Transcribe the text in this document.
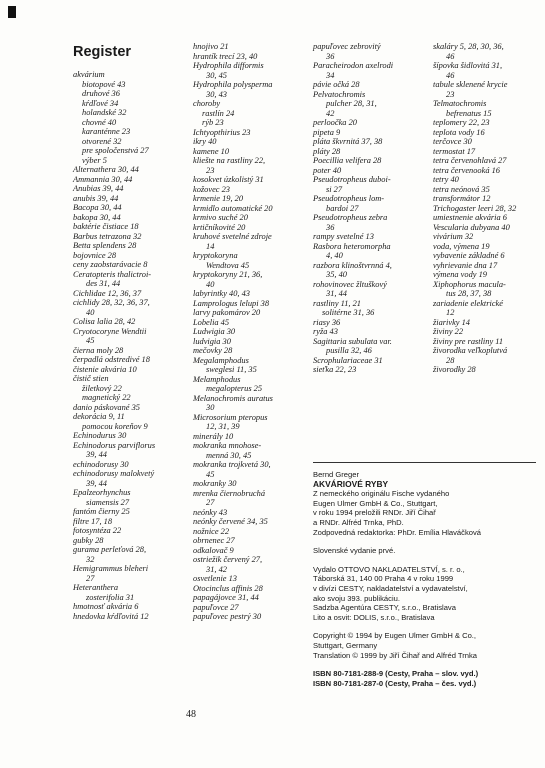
Register
akvárium
biotopové 43
druhové 36
kŕdľové 34
holandské 32
chovné 40
karanténne 23
otvorené 32
pre spoločenstvá 27
výber 5
Alternathera 30, 44
Ammannia 30, 44
Anubias 39, 44
anubis 39, 44
Bacopa 30, 44
bakopa 30, 44
baktérie čistiace 18
Barbus tetrazona 32
Betta splendens 28
bojovnice 28
ceny zaobstarávacie 8
Ceratopteris thalictroi-
des 31, 44
Cichlidae 12, 36, 37
cichlidy 28, 32, 36, 37,
40
Colisa lalia 28, 42
Cryotocoryne Wendtii
45
čierna moly 28
čerpadlá odstredivé 18
čistenie akvária 10
čistič stien
žiletkový 22
magnetický 22
danio páskované 35
dekorácia 9, 11
pomocou koreňov 9
Echinodurus 30
Echinodorus parviflorus
39, 44
echinodorusy 30
echinodorusy malokvetý
39, 44
Epalzeorhynchus
siamensis 27
fantóm čierny 25
filtre 17, 18
fotosyntéza 22
gubky 28
gurama perleťová 28,
32
Hemigrammus bleheri
27
Heteranthera
zosterifolia 31
hmotnosť akvária 6
hnedovka kŕdľovitá 12
hnojivo 21
hrantík trecí 23, 40
Hydrophila difformis
30, 45
Hydrophila polysperma
30, 43
choroby
rastlín 24
rýb 23
Ichtyopthirius 23
ikry 40
kamene 10
kliešte na rastliny 22,
23
kosokvet úzkolistý 31
kožovec 23
krmenie 19, 20
krmidlo automatické 20
krmivo suché 20
krtičníkovité 20
kruhové svetelné zdroje
14
kryptokoryna
Wendtova 45
kryptokoryny 21, 36,
40
labyrintky 40, 43
Lamprologus lelupi 38
larvy pakomárov 20
Lobelia 45
Ludwigia 30
ludvigia 30
mečovky 28
Megalamphodus
sweglesi 11, 35
Melamphodus
megalopterus 25
Melanochromis auratus
30
Microsorium pteropus
12, 31, 39
minerály 10
mokranka mnohose-
menná 30, 45
mokranka trojkvetá 30,
45
mokranky 30
mrenka čiernobruchá
27
neónky 43
neónky červené 34, 35
nožnice 22
obrnenec 27
odkalovač 9
ostriežik červený 27,
31, 42
osvetlenie 13
Otocinclus affinis 28
papagájovce 31, 44
papuľovce 27
papuľovec pestrý 30
papuľovec zebrovitý
36
Paracheirodon axelrodi
34
pávie očká 28
Pelvatochromis
pulcher 28, 31,
42
perloočka 20
pipeta 9
pláta škvrnitá 37, 38
pláty 28
Poecillia velifera 28
poter 40
Pseudotropheus duboi-
si 27
Pseudotropheus lom-
bardoi 27
Pseudotropheus zebra
36
rampy svetelné 13
Rasbora heteromorpha
4, 40
razbora klinoštvrnná 4,
35, 40
rohovinovec žltuškový
31, 44
rastliny 11, 21
solitérne 31, 36
riasy 36
ryža 43
Sagittaria subulata var.
pusilla 32, 46
Scrophulariaceae 31
sieťka 22, 23
skaláry 5, 28, 30, 36,
46
šípovka šidlovitá 31,
46
tabule sklenené krycie
23
Telmatochromis
befrenatus 15
teplomery 22, 23
teplota vody 16
terčovce 30
termostat 17
tetra červenohlavá 27
tetra červenooká 16
tetry 40
tetra neónová 35
transformátor 12
Trichogaster leeri 28, 32
umiestnenie akvária 6
Vescularia dubyana 40
vivárium 32
voda, výmena 19
vybavenie základné 6
vyhrievanie dna 17
výmena vody 19
Xiphophorus macula-
tus 28, 37, 38
zariadenie elektrické
12
žiarivky 14
živiny 22
živiny pre rastliny 11
živorodka veľkoplutvá
28
živorodky 28
Bernd Greger
AKVÁRIOVÉ RYBY
Z nemeckého originálu Fische vydaného
Eugen Ulmer GmbH & Co., Stuttgart,
v roku 1994 preložili RNDr. Jiří Čihař
a RNDr. Alfréd Trnka, PhD.
Zodpovedná redaktorka: PhDr. Emília Hlaváčková
Slovenské vydanie prvé.
Vydalo OTTOVO NAKLADATELSTVÍ, s. r. o.,
Táborská 31, 140 00 Praha 4 v roku 1999
v divízi CESTY, nakladatelství a vydavatelství,
ako svoju 393. publikáciu.
Sadzba Agentúra CESTY, s.r.o., Bratislava
Lito a osvit: DOLIS, s.r.o., Bratislava
Copyright © 1994 by Eugen Ulmer GmbH & Co.,
Stuttgart, Germany
Translation © 1999 by Jiří Čihař and Alfréd Trnka
ISBN 80-7181-288-9 (Cesty, Praha – slov. vyd.)
ISBN 80-7181-287-0 (Cesty, Praha – čes. vyd.)
48
